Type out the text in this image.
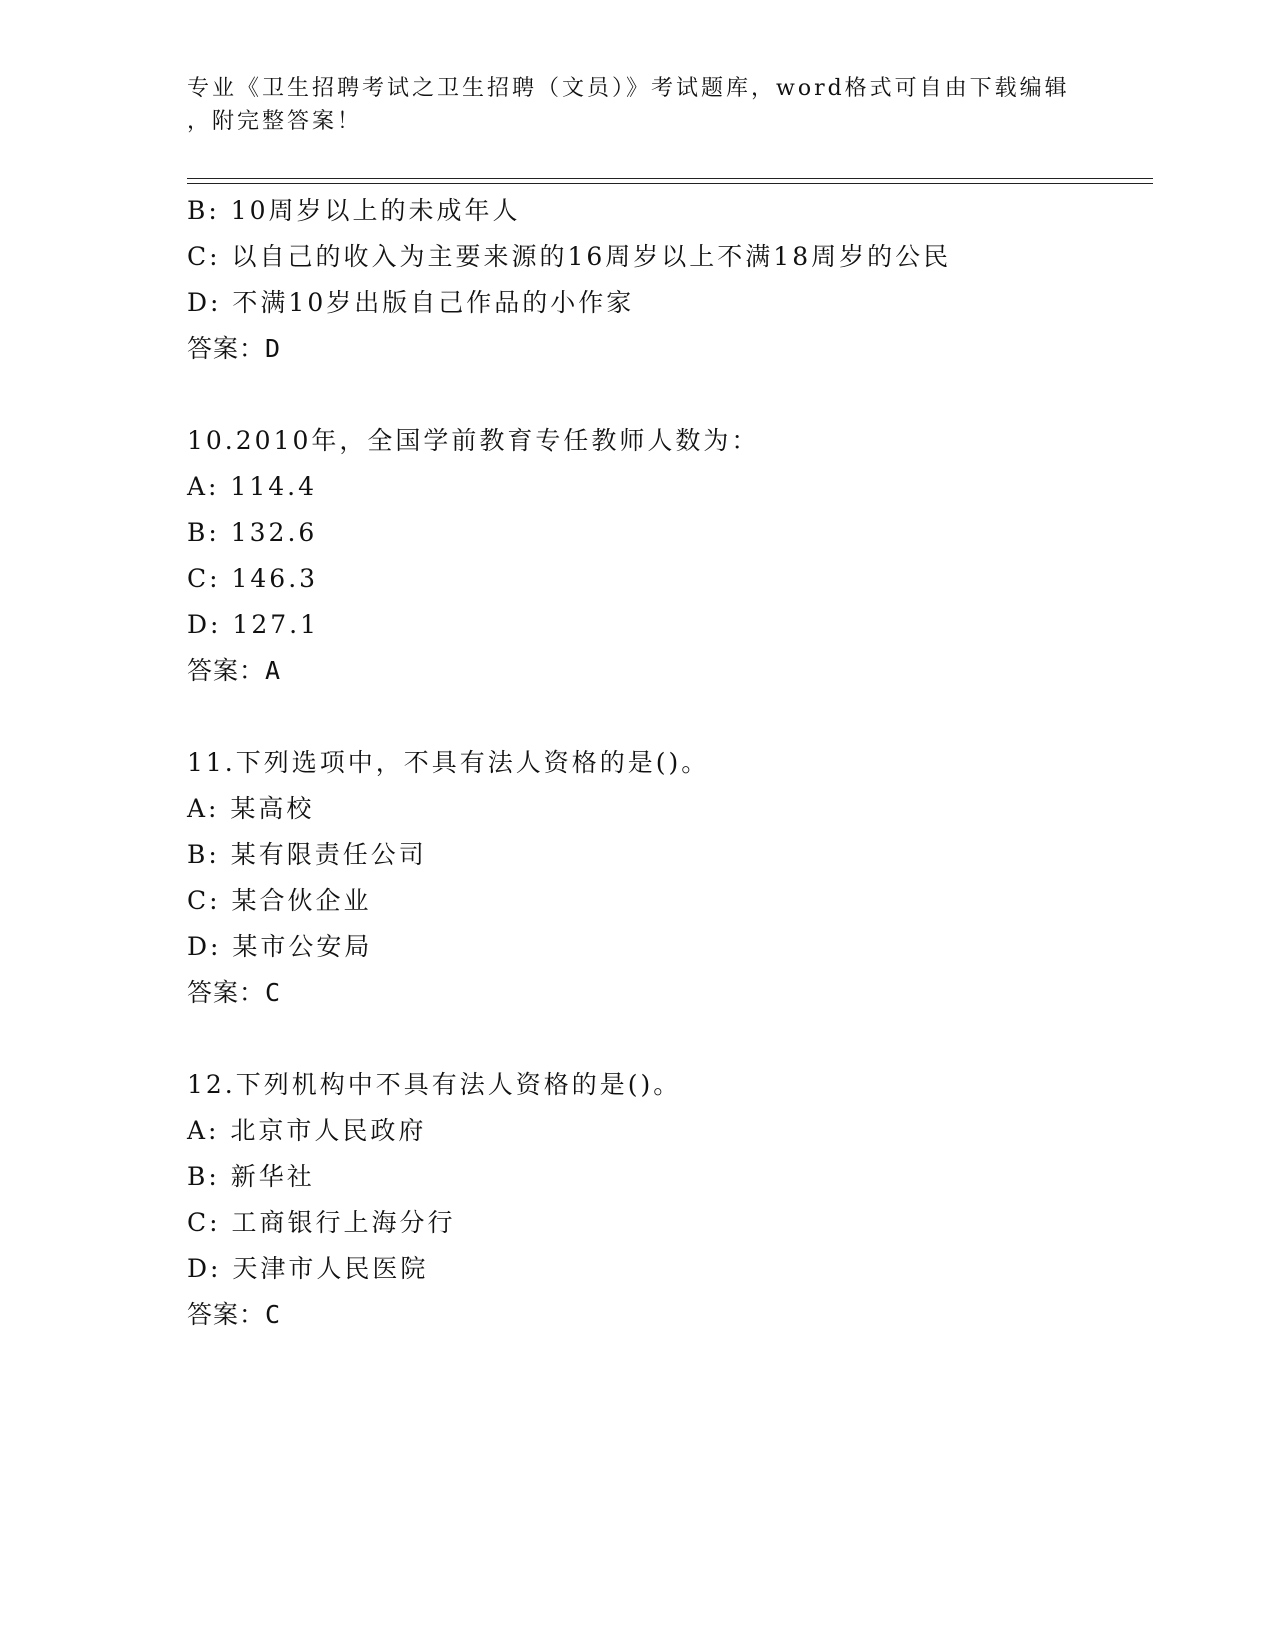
专业《卫生招聘考试之卫生招聘（文员）》考试题库，word格式可自由下载编辑
，附完整答案！
B: 10周岁以上的未成年人
C: 以自己的收入为主要来源的16周岁以上不满18周岁的公民
D: 不满10岁出版自己作品的小作家
答案：D
10.2010年，全国学前教育专任教师人数为：
A: 114.4
B: 132.6
C: 146.3
D: 127.1
答案：A
11.下列选项中，不具有法人资格的是()。
A: 某高校
B: 某有限责任公司
C: 某合伙企业
D: 某市公安局
答案：C
12.下列机构中不具有法人资格的是()。
A: 北京市人民政府
B: 新华社
C: 工商银行上海分行
D: 天津市人民医院
答案：C
